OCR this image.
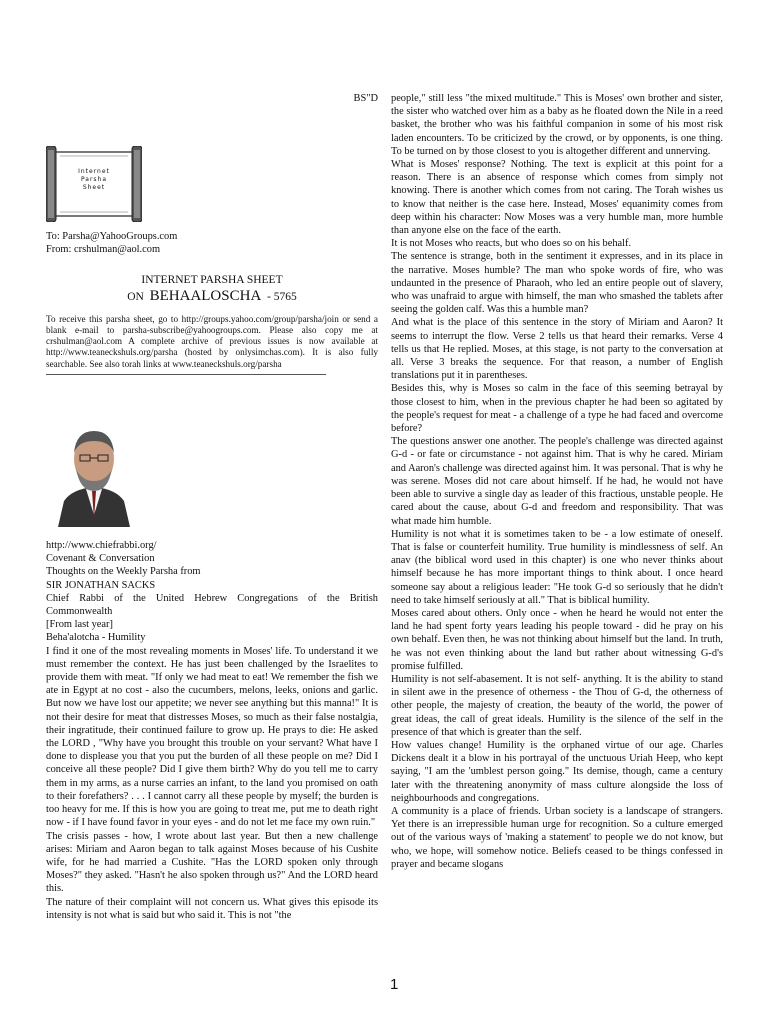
BS"D
Internet
Parsha
Sheet

To: Parsha@YahooGroups.com

From: crshulman@aol.com

INTERNET PARSHA SHEET
ON BEHAALOSCHA - 5765
To receive this parsha sheet, go to http://groups.yahoo.com/group/parsha/join or send a blank e-mail to parsha-subscribe@yahoogroups.com. Please also copy me at crshulman@aol.com A complete archive of previous issues is now available at http://www.teaneckshuls.org/parsha (hosted by onlysimchas.com). It is also fully searchable. See also torah links at www.teaneckshuls.org/parsha

http://www.chiefrabbi.org/

Covenant & Conversation

Thoughts on the Weekly Parsha from

SIR JONATHAN SACKS

Chief Rabbi of the United Hebrew Congregations of the British Commonwealth

[From last year]

Beha'alotcha - Humility

I find it one of the most revealing moments in Moses' life. To understand it we must remember the context. He has just been challenged by the Israelites to provide them with meat. "If only we had meat to eat! We remember the fish we ate in Egypt at no cost - also the cucumbers, melons, leeks, onions and garlic. But now we have lost our appetite; we never see anything but this manna!" It is not their desire for meat that distresses Moses, so much as their false nostalgia, their ingratitude, their continued failure to grow up. He prays to die: He asked the LORD , "Why have you brought this trouble on your servant? What have I done to displease you that you put the burden of all these people on me? Did I conceive all these people? Did I give them birth? Why do you tell me to carry them in my arms, as a nurse carries an infant, to the land you promised on oath to their forefathers? . . . I cannot carry all these people by myself; the burden is too heavy for me. If this is how you are going to treat me, put me to death right now - if I have found favor in your eyes - and do not let me face my own ruin."

The crisis passes - how, I wrote about last year. But then a new challenge arises: Miriam and Aaron began to talk against Moses because of his Cushite wife, for he had married a Cushite. "Has the LORD spoken only through Moses?" they asked. "Hasn't he also spoken through us?" And the LORD heard this.

The nature of their complaint will not concern us. What gives this episode its intensity is not what is said but who said it. This is not "the

people," still less "the mixed multitude." This is Moses' own brother and sister, the sister who watched over him as a baby as he floated down the Nile in a reed basket, the brother who was his faithful companion in some of his most risk laden encounters. To be criticized by the crowd, or by opponents, is one thing. To be turned on by those closest to you is altogether different and unnerving.

What is Moses' response? Nothing. The text is explicit at this point for a reason. There is an absence of response which comes from simply not knowing. There is another which comes from not caring. The Torah wishes us to know that neither is the case here. Instead, Moses' equanimity comes from deep within his character: Now Moses was a very humble man, more humble than anyone else on the face of the earth.

It is not Moses who reacts, but who does so on his behalf.

The sentence is strange, both in the sentiment it expresses, and in its place in the narrative. Moses humble? The man who spoke words of fire, who was undaunted in the presence of Pharaoh, who led an entire people out of slavery, who was unafraid to argue with himself, the man who smashed the tablets after seeing the golden calf. Was this a humble man?

And what is the place of this sentence in the story of Miriam and Aaron? It seems to interrupt the flow. Verse 2 tells us that heard their remarks. Verse 4 tells us that He replied. Moses, at this stage, is not party to the conversation at all. Verse 3 breaks the sequence. For that reason, a number of English translations put it in parentheses.

Besides this, why is Moses so calm in the face of this seeming betrayal by those closest to him, when in the previous chapter he had been so agitated by the people's request for meat - a challenge of a type he had faced and overcome before?

The questions answer one another. The people's challenge was directed against G-d - or fate or circumstance - not against him. That is why he cared. Miriam and Aaron's challenge was directed against him. It was personal. That is why he was serene. Moses did not care about himself. If he had, he would not have been able to survive a single day as leader of this fractious, unstable people. He cared about the cause, about G-d and freedom and responsibility. That was what made him humble.

Humility is not what it is sometimes taken to be - a low estimate of oneself. That is false or counterfeit humility. True humility is mindlessness of self. An anav (the biblical word used in this chapter) is one who never thinks about himself because he has more important things to think about. I once heard someone say about a religious leader: "He took G-d so seriously that he didn't need to take himself seriously at all." That is biblical humility.

Moses cared about others. Only once - when he heard he would not enter the land he had spent forty years leading his people toward - did he pray on his own behalf. Even then, he was not thinking about himself but the land. In truth, he was not even thinking about the land but rather about witnessing G-d's promise fulfilled.

Humility is not self-abasement. It is not self- anything. It is the ability to stand in silent awe in the presence of otherness - the Thou of G-d, the otherness of other people, the majesty of creation, the beauty of the world, the power of great ideas, the call of great ideals. Humility is the silence of the self in the presence of that which is greater than the self.

How values change! Humility is the orphaned virtue of our age. Charles Dickens dealt it a blow in his portrayal of the unctuous Uriah Heep, who kept saying, "I am the 'umblest person going." Its demise, though, came a century later with the threatening anonymity of mass culture alongside the loss of neighbourhoods and congregations.

A community is a place of friends. Urban society is a landscape of strangers. Yet there is an irrepressible human urge for recognition. So a culture emerged out of the various ways of 'making a statement' to people we do not know, but who, we hope, will somehow notice. Beliefs ceased to be things confessed in prayer and became slogans

1
